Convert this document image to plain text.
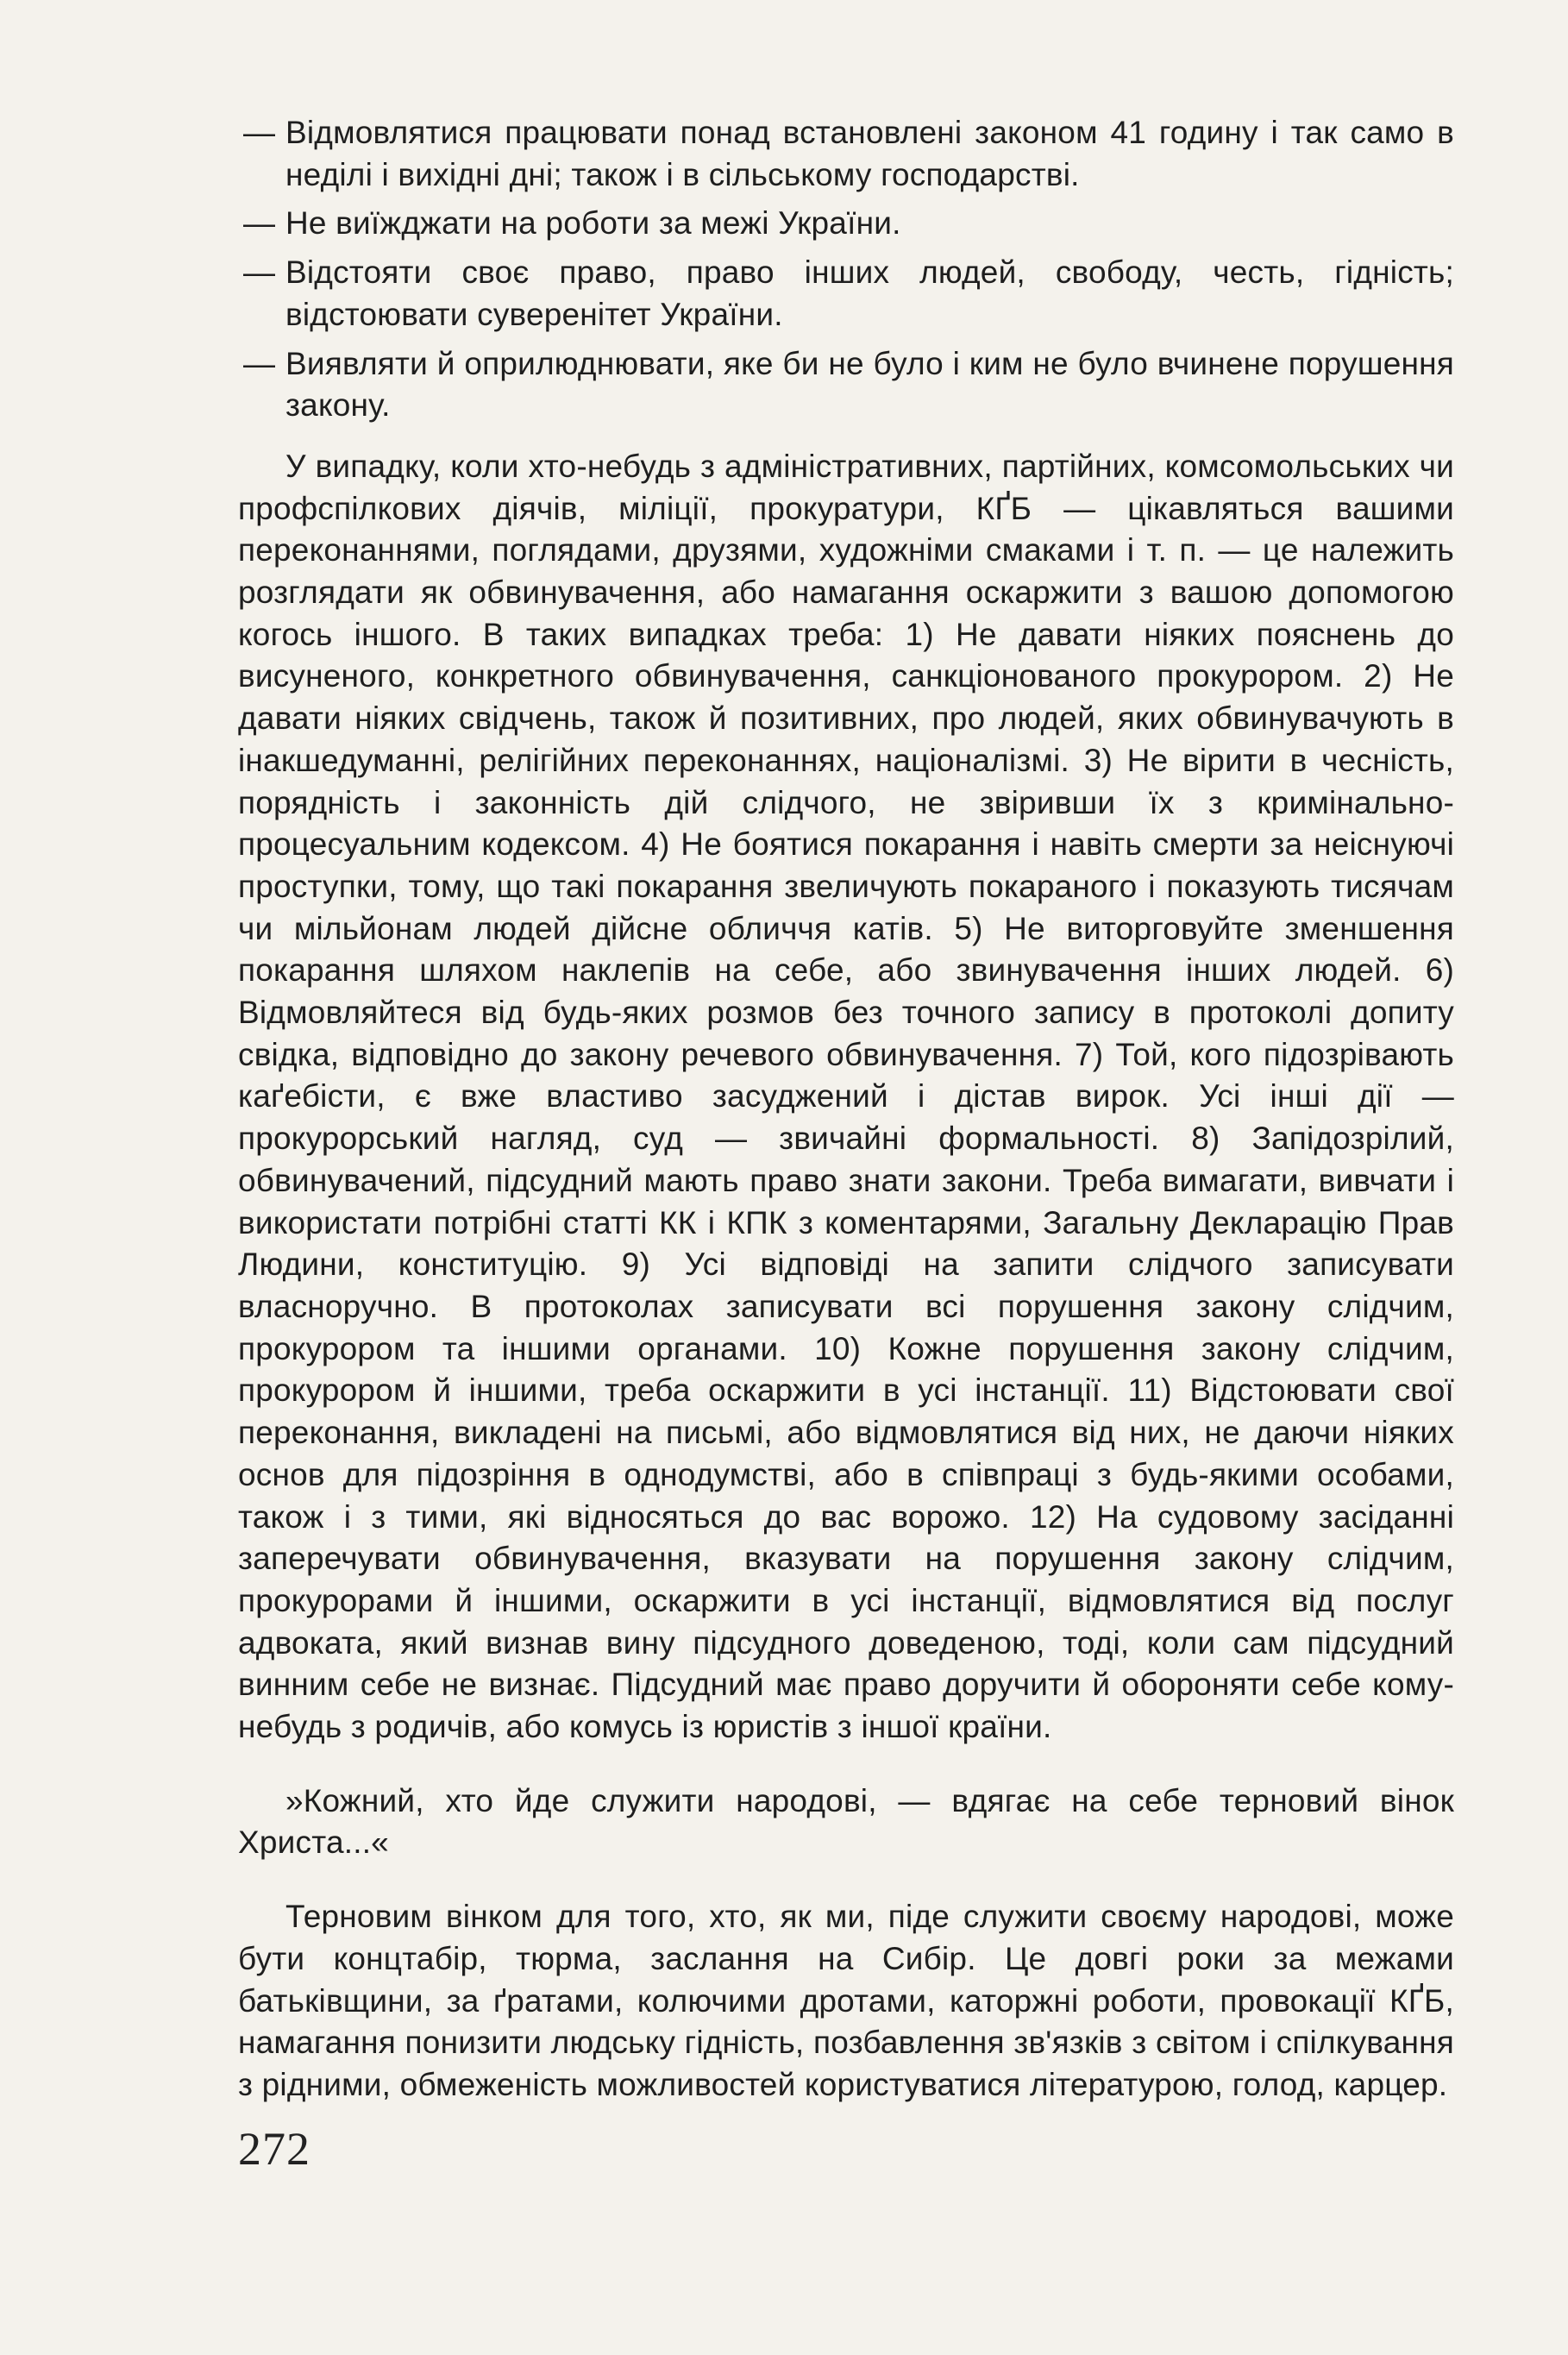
— Відмовлятися працювати понад встановлені законом 41 годину і так само в неділі і вихідні дні; також і в сільському господарстві.
— Не виїжджати на роботи за межі України.
— Відстояти своє право, право інших людей, свободу, честь, гідність; відстоювати суверенітет України.
— Виявляти й оприлюднювати, яке би не було і ким не було вчинене порушення закону.

У випадку, коли хто-небудь з адміністративних, партійних, комсомольських чи профспілкових діячів, міліції, прокуратури, КҐБ — цікавляться вашими переконаннями, поглядами, друзями, художніми смаками і т. п. — це належить розглядати як обвинувачення, або намагання оскаржити з вашою допомогою когось іншого. В таких випадках треба: 1) Не давати ніяких пояснень до висуненого, конкретного обвинувачення, санкціонованого прокурором. 2) Не давати ніяких свідчень, також й позитивних, про людей, яких обвинувачують в інакшедуманні, релігійних переконаннях, націоналізмі. 3) Не вірити в чесність, порядність і законність дій слідчого, не звіривши їх з кримінально-процесуальним кодексом. 4) Не боятися покарання і навіть смерти за неіснуючі проступки, тому, що такі покарання звеличують покараного і показують тисячам чи мільйонам людей дійсне обличчя катів. 5) Не виторговуйте зменшення покарання шляхом наклепів на себе, або звинувачення інших людей. 6) Відмовляйтеся від будь-яких розмов без точного запису в протоколі допиту свідка, відповідно до закону речевого обвинувачення. 7) Той, кого підозрівають каґебісти, є вже властиво засуджений і дістав вирок. Усі інші дії — прокурорський нагляд, суд — звичайні формальності. 8) Запідозрілий, обвинувачений, підсудний мають право знати закони. Треба вимагати, вивчати і використати потрібні статті КК і КПК з коментарями, Загальну Декларацію Прав Людини, конституцію. 9) Усі відповіді на запити слідчого записувати власноручно. В протоколах записувати всі порушення закону слідчим, прокурором та іншими органами. 10) Кожне порушення закону слідчим, прокурором й іншими, треба оскаржити в усі інстанції. 11) Відстоювати свої переконання, викладені на письмі, або відмовлятися від них, не даючи ніяких основ для підозріння в однодумстві, або в співпраці з будь-якими особами, також і з тими, які відносяться до вас ворожо. 12) На судовому засіданні заперечувати обвинувачення, вказувати на порушення закону слідчим, прокурорами й іншими, оскаржити в усі інстанції, відмовлятися від послуг адвоката, який визнав вину підсудного доведеною, тоді, коли сам підсудний винним себе не визнає. Підсудний має право доручити й обороняти себе кому-небудь з родичів, або комусь із юристів з іншої країни.

»Кожний, хто йде служити народові, — вдягає на себе терновий вінок Христа...«

Терновим вінком для того, хто, як ми, піде служити своєму народові, може бути концтабір, тюрма, заслання на Сибір. Це довгі роки за межами батьківщини, за ґратами, колючими дротами, каторжні роботи, провокації КҐБ, намагання понизити людську гідність, позбавлення зв'язків з світом і спілкування з рідними, обмеженість можливостей користуватися літературою, голод, карцер.

272
